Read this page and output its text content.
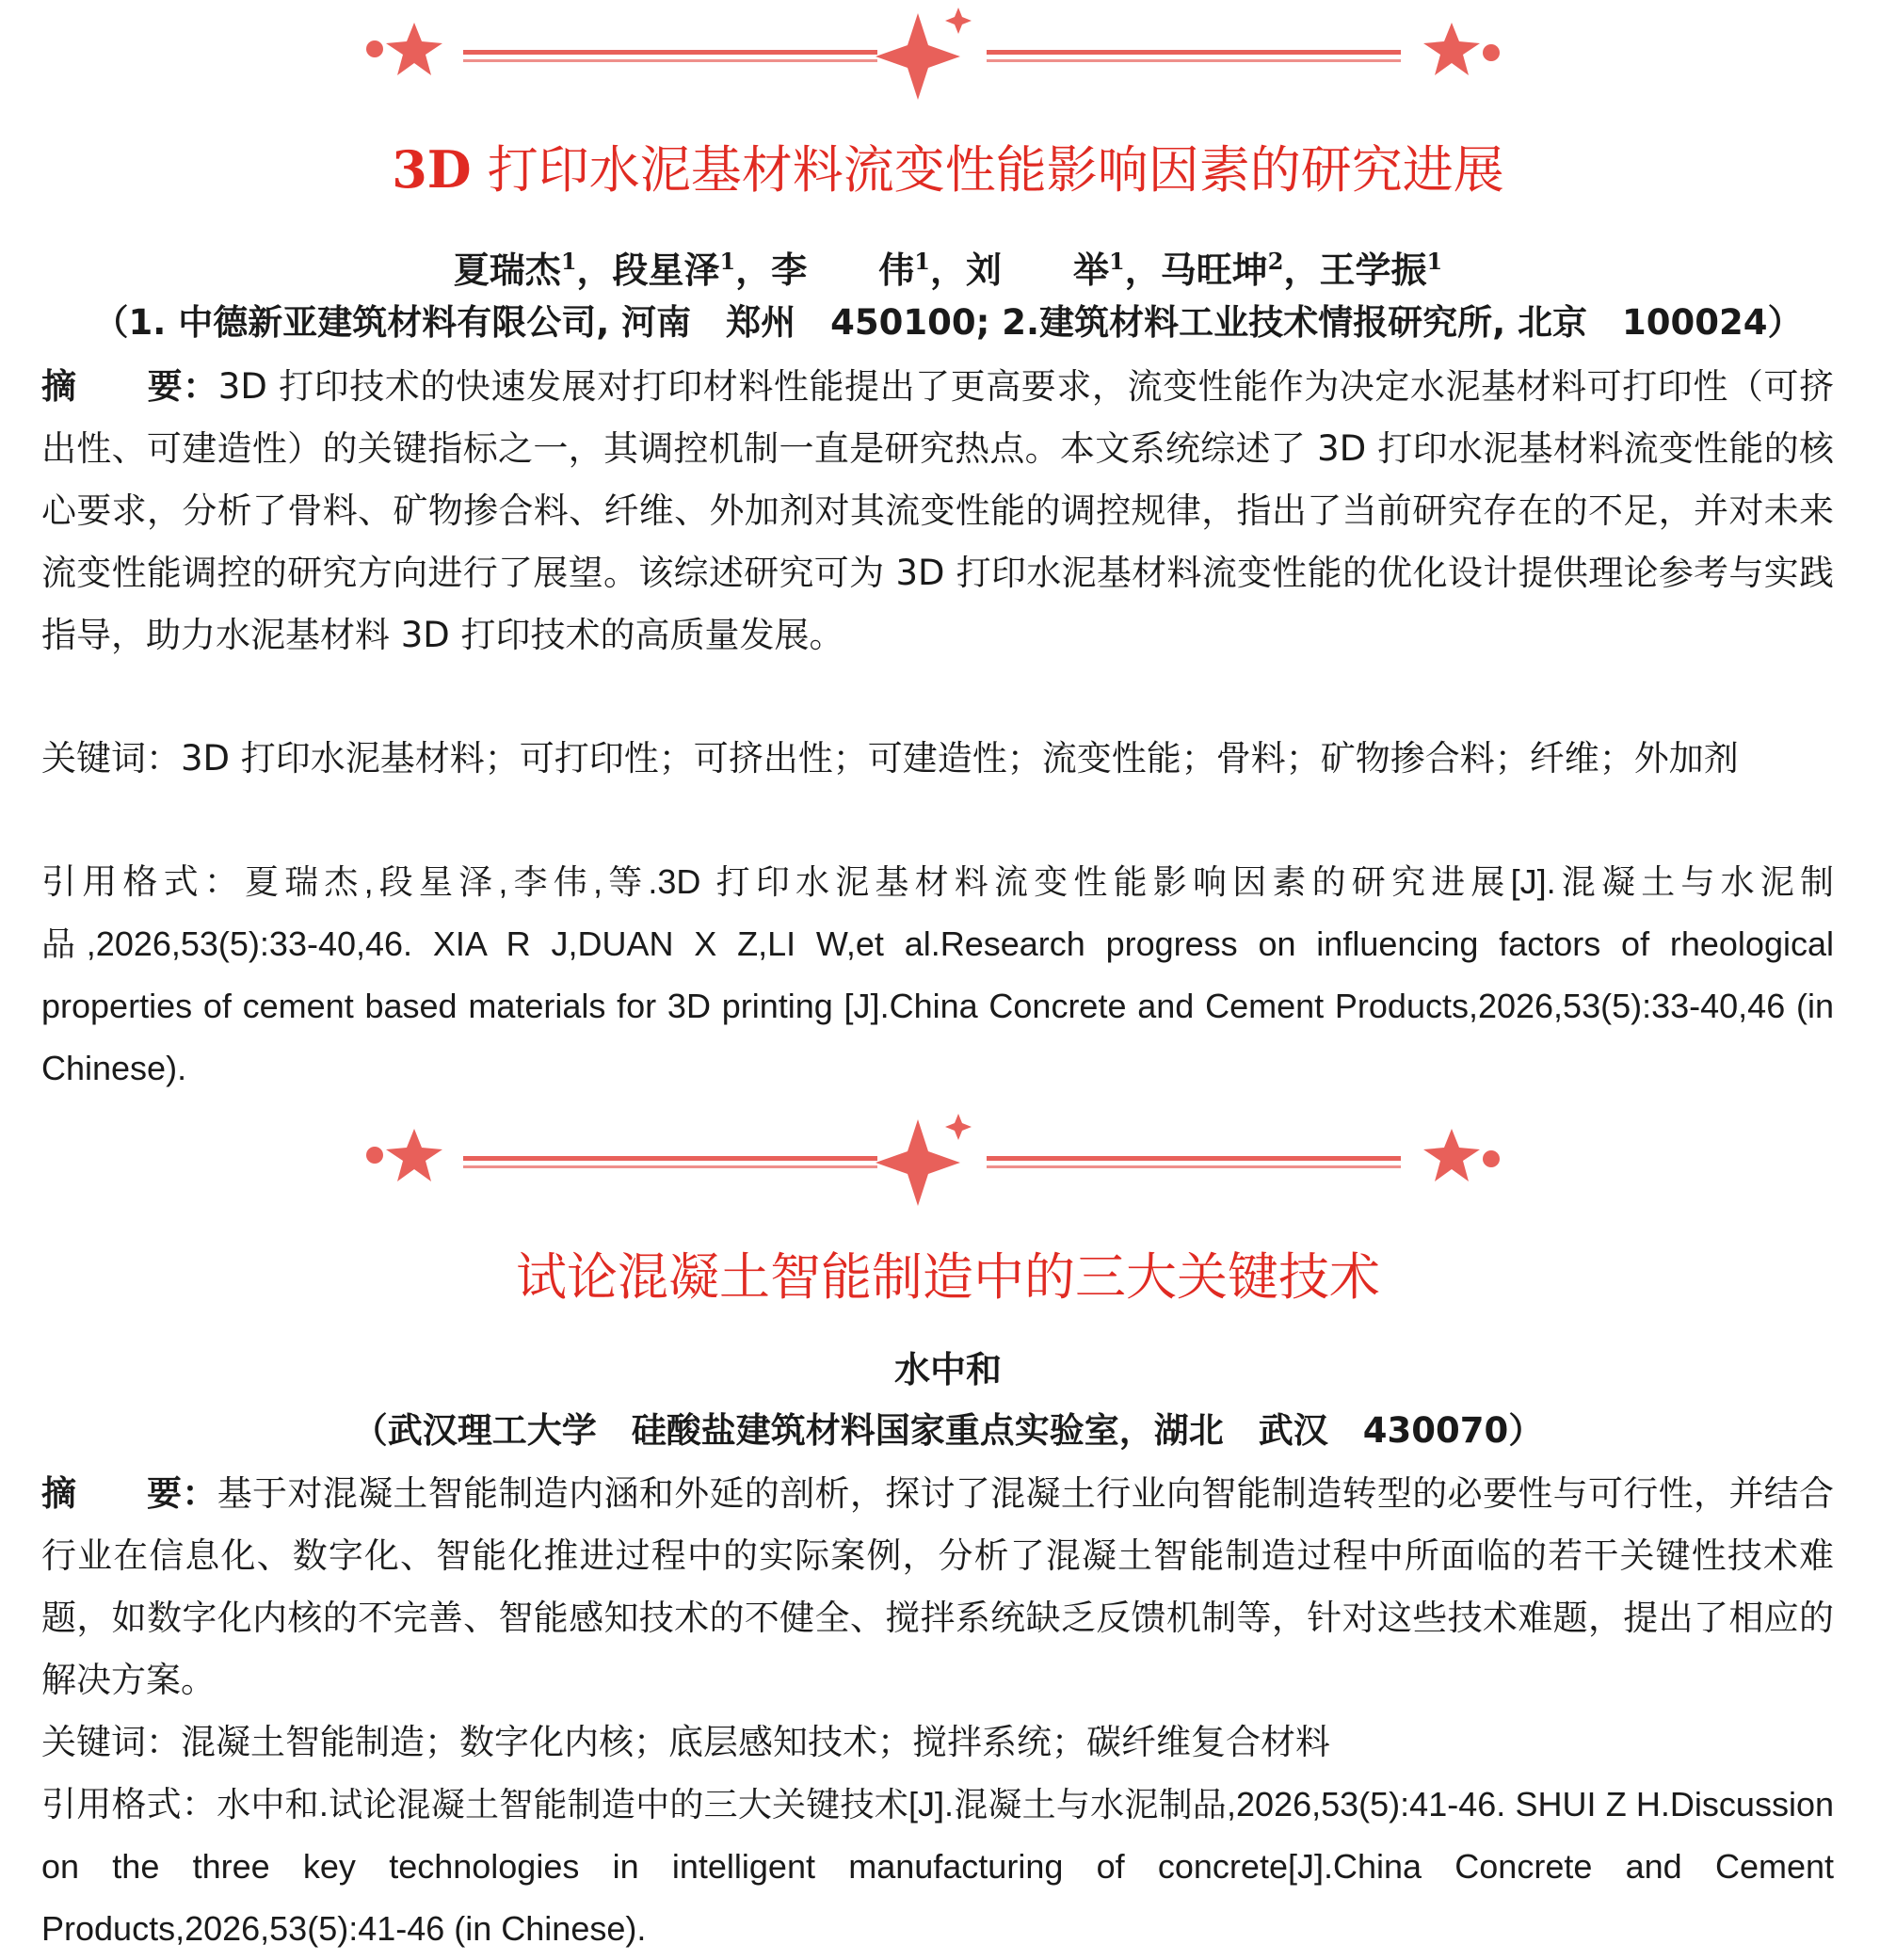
3D 打印水泥基材料流变性能影响因素的研究进展
夏瑞杰$^1$，段星泽$^1$，李　　伟$^1$，刘　　举$^1$，马旺坤$^2$，王学振$^1$
（1. 中德新亚建筑材料有限公司, 河南　郑州　450100; 2.建筑材料工业技术情报研究所, 北京　100024）
摘　　要：3D 打印技术的快速发展对打印材料性能提出了更高要求，流变性能作为决定水泥基材料可打印性（可挤出性、可建造性）的关键指标之一，其调控机制一直是研究热点。本文系统综述了 3D 打印水泥基材料流变性能的核心要求，分析了骨料、矿物掺合料、纤维、外加剂对其流变性能的调控规律，指出了当前研究存在的不足，并对未来流变性能调控的研究方向进行了展望。该综述研究可为 3D 打印水泥基材料流变性能的优化设计提供理论参考与实践指导，助力水泥基材料 3D 打印技术的高质量发展。
关键词：3D 打印水泥基材料；可打印性；可挤出性；可建造性；流变性能；骨料；矿物掺合料；纤维；外加剂
引用格式：夏瑞杰,段星泽,李伟,等.3D 打印水泥基材料流变性能影响因素的研究进展[J].混凝土与水泥制品,2026,53(5):33-40,46. XIA R J,DUAN X Z,LI W,et al.Research progress on influencing factors of rheological properties of cement based materials for 3D printing [J].China Concrete and Cement Products,2026,53(5):33-40,46 (in Chinese).
试论混凝土智能制造中的三大关键技术
水中和
（武汉理工大学　硅酸盐建筑材料国家重点实验室，湖北　武汉　430070）
摘　　要：基于对混凝土智能制造内涵和外延的剖析，探讨了混凝土行业向智能制造转型的必要性与可行性，并结合行业在信息化、数字化、智能化推进过程中的实际案例，分析了混凝土智能制造过程中所面临的若干关键性技术难题，如数字化内核的不完善、智能感知技术的不健全、搅拌系统缺乏反馈机制等，针对这些技术难题，提出了相应的解决方案。
关键词：混凝土智能制造；数字化内核；底层感知技术；搅拌系统；碳纤维复合材料
引用格式：水中和.试论混凝土智能制造中的三大关键技术[J].混凝土与水泥制品,2026,53(5):41-46. SHUI Z H.Discussion on the three key technologies in intelligent manufacturing of concrete[J].China Concrete and Cement Products,2026,53(5):41-46 (in Chinese).
